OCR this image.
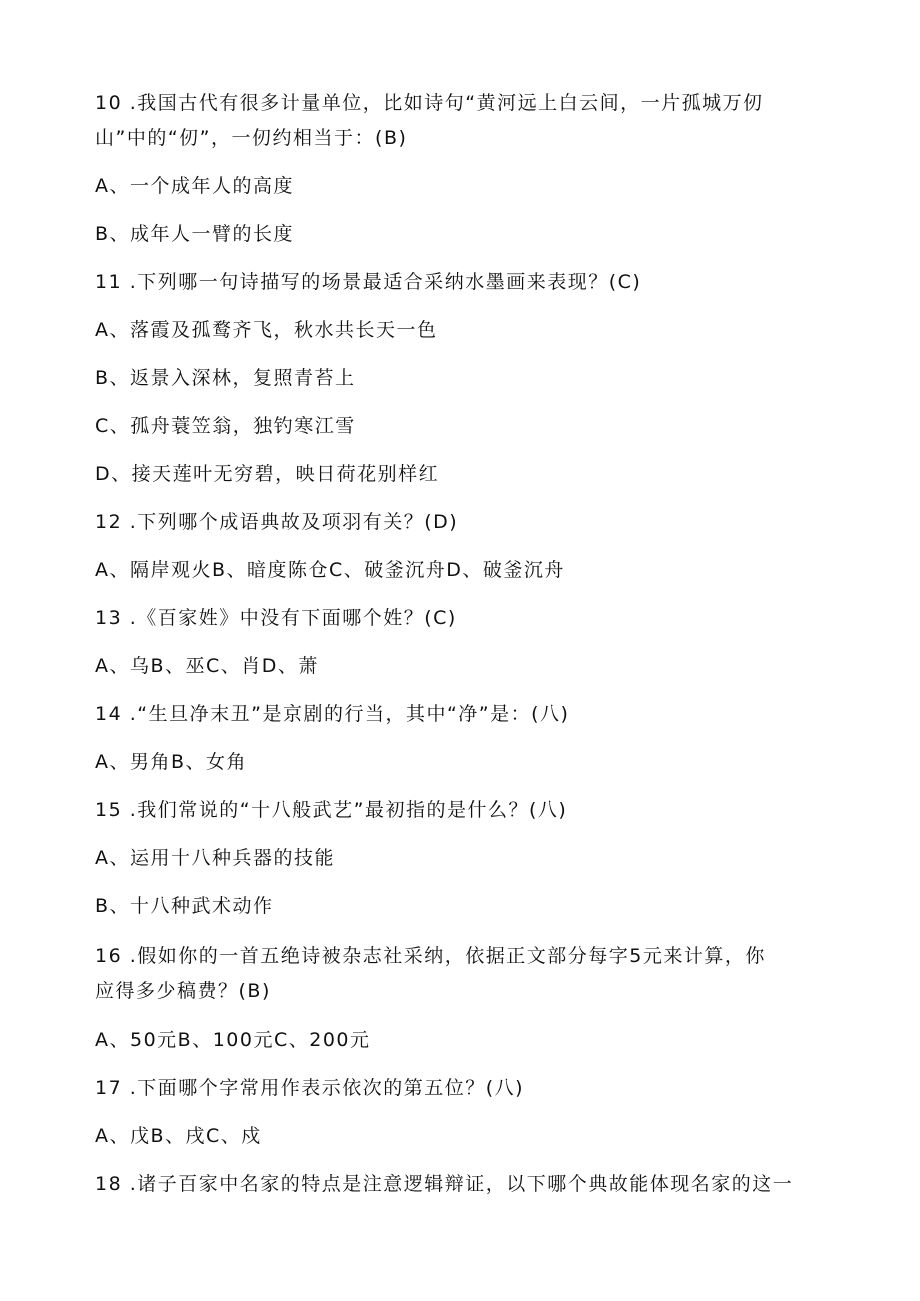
10 .我国古代有很多计量单位，比如诗句“黄河远上白云间，一片孤城万仞
山”中的“仞”，一仞约相当于：(B)
A、一个成年人的高度
B、成年人一臂的长度
11 .下列哪一句诗描写的场景最适合采纳水墨画来表现？(C)
A、落霞及孤鹜齐飞，秋水共长天一色
B、返景入深林，复照青苔上
C、孤舟蓑笠翁，独钓寒江雪
D、接天莲叶无穷碧，映日荷花别样红
12 .下列哪个成语典故及项羽有关？(D)
A、隔岸观火B、暗度陈仓C、破釜沉舟D、破釜沉舟
13 .《百家姓》中没有下面哪个姓？(C)
A、乌B、巫C、肖D、萧
14 .“生旦净末丑”是京剧的行当，其中“净”是：(八)
A、男角B、女角
15 .我们常说的“十八般武艺”最初指的是什么？(八)
A、运用十八种兵器的技能
B、十八种武术动作
16 .假如你的一首五绝诗被杂志社采纳，依据正文部分每字5元来计算，你
应得多少稿费？(B)
A、50元B、100元C、200元
17 .下面哪个字常用作表示依次的第五位？(八)
A、戊B、戌C、戍
18 .诸子百家中名家的特点是注意逻辑辩证，以下哪个典故能体现名家的这一
